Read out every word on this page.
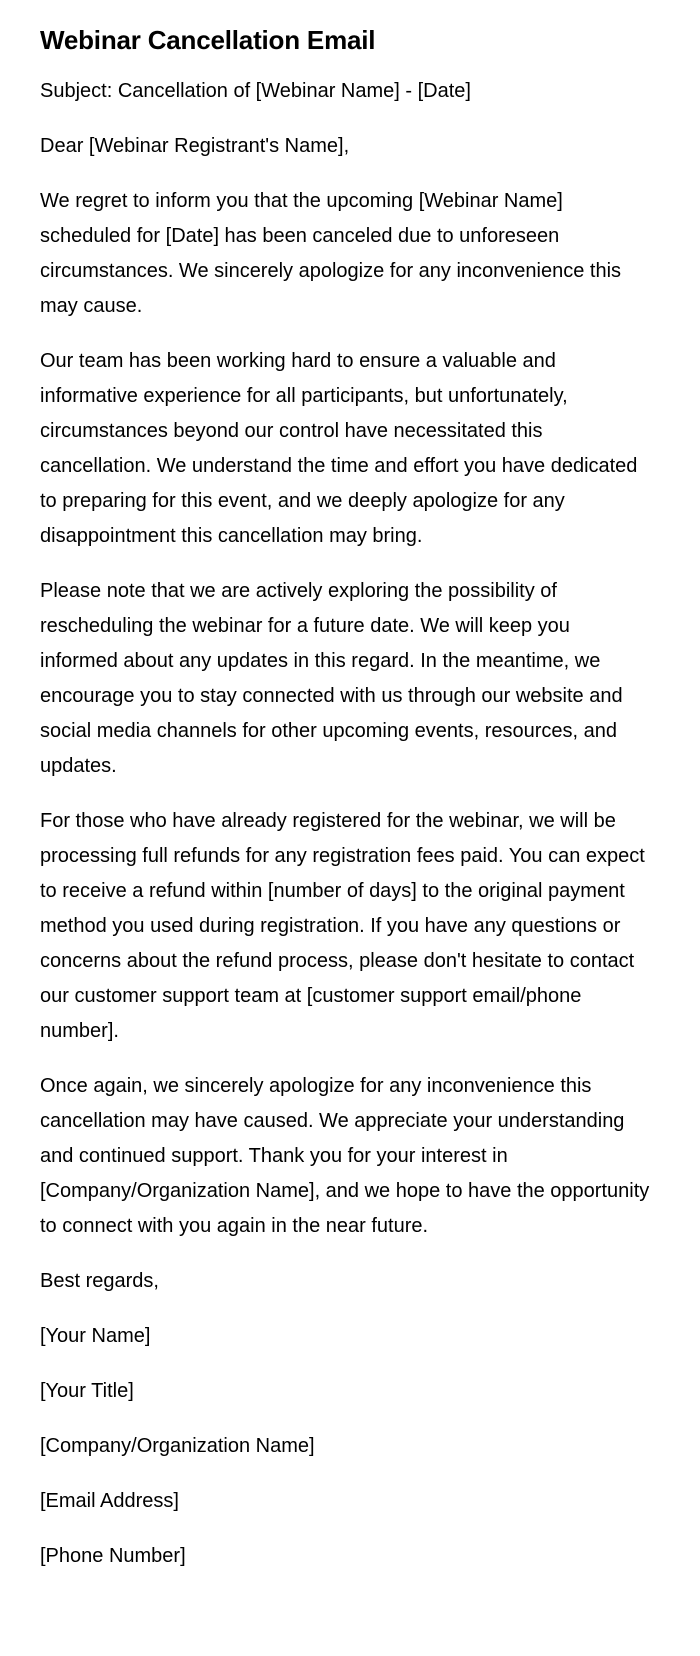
Webinar Cancellation Email

Subject: Cancellation of [Webinar Name] - [Date]

Dear [Webinar Registrant's Name],

We regret to inform you that the upcoming [Webinar Name] scheduled for [Date] has been canceled due to unforeseen circumstances. We sincerely apologize for any inconvenience this may cause.

Our team has been working hard to ensure a valuable and informative experience for all participants, but unfortunately, circumstances beyond our control have necessitated this cancellation. We understand the time and effort you have dedicated to preparing for this event, and we deeply apologize for any disappointment this cancellation may bring.

Please note that we are actively exploring the possibility of rescheduling the webinar for a future date. We will keep you informed about any updates in this regard. In the meantime, we encourage you to stay connected with us through our website and social media channels for other upcoming events, resources, and updates.

For those who have already registered for the webinar, we will be processing full refunds for any registration fees paid. You can expect to receive a refund within [number of days] to the original payment method you used during registration. If you have any questions or concerns about the refund process, please don't hesitate to contact our customer support team at [customer support email/phone number].

Once again, we sincerely apologize for any inconvenience this cancellation may have caused. We appreciate your understanding and continued support. Thank you for your interest in [Company/Organization Name], and we hope to have the opportunity to connect with you again in the near future.

Best regards,

[Your Name]

[Your Title]

[Company/Organization Name]

[Email Address]

[Phone Number]
